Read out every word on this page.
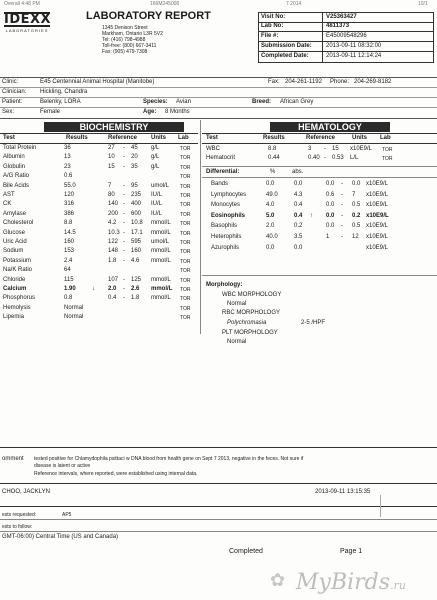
Overall 4:48 PM	166M245008	7 2014	10/1
IDEXX
LABORATORIES
LABORATORY REPORT
1345 Denison Street
Markham, Ontario L3R 5V2
Tel: (416) 798-4988
Toll-free: (800) 667-3411
Fax: (905) 479-7308
Visit No:	V25363427
Lab No:	4811373
File #:	E45009548296
Submission Date: 2013-09-11 08:32:00
Completed Date:	2013-09-11 12:14:24
Clinic:	E45 Centennial Animal Hospital (Manitobe)	Fax: 204-261-1192 Phone: 204-269-8182
Clinician: Hickling, Chandra
Patient:	Belenky, LORA	Species: Avian	Breed: African Grey
Sex:	Female	Age: 8 Months
BIOCHEMISTRY
Test	Results	Reference Units Lab
Total Protein	36	27 - 45 g/L	TOR
Albumin	13	10 - 20 g/L	TOR
Globulin	23	15 - 35 g/L	TOR
A/G Ratio	0.6	TOR
Bile Acids	55.0	7 - 95 umol/L TOR
AST	120	80 - 235 IU/L	TOR
CK	316	140 - 400 IU/L	TOR
Amylase	386	200 - 600 IU/L	TOR
Cholesterol	8.8	4.2 - 10.8 mmol/L TOR
Glucose	14.5	10.3 - 17.1 mmol/L TOR
Uric Acid	160	122 - 595 umol/L TOR
Sodium	153	148 - 160 mmol/L TOR
Potassium	2.4	1.8 - 4.6 mmol/L TOR
Na/K Ratio	64	TOR
Chloride	115	107 - 125 mmol/L TOR
Calcium	1.90	↓ 2.0 - 2.6 mmol/L TOR
Phosphorus	0.8	0.4 - 1.8 mmol/L TOR
Hemolysis	Normal	TOR
Lipemia	Normal	TOR
HEMATOLOGY
Test	Results	Reference	Units Lab
WBC	8.8	3 - 15 x10E9/L TOR
Hematocrit	0.44	0.40 - 0.53 L/L	TOR
Differential:	%	abs.
Bands	0.0	0.0	0.0 - 0.0 x10E9/L
Lymphocytes	49.0	4.3	0.6 - 7 x10E9/L
Monocytes	4.0	0.4	0.0 - 0.5 x10E9/L
Eosinophils	5.0	0.4 ↑ 0.0 - 0.2 x10E9/L
Basophils	2.0	0.2	0.0 - 0.5 x10E9/L
Heterophils	40.0	3.5	1 - 12 x10E9/L
Azurophils	0.0	0.0	x10E9/L
Morphology:
WBC MORPHOLOGY
Normal
RBC MORPHOLOGY
Polychromasia	2-5 /HPF
PLT MORPHOLOGY
Normal
omment tested positive for Chlamydophila psittaci w DNA blood from health gene on Sept 7 2013, negative in the feces. Not sure if
disease is latent or active
Reference intervals, where reported, were established using internal data.
CHOO, JACKLYN	2013-09-11 13:15:35
ests requested:	AP5
ests to follow:
GMT-06:00) Central Time (US and Canada)
Completed	Page 1
MyBirds.ru
✿
